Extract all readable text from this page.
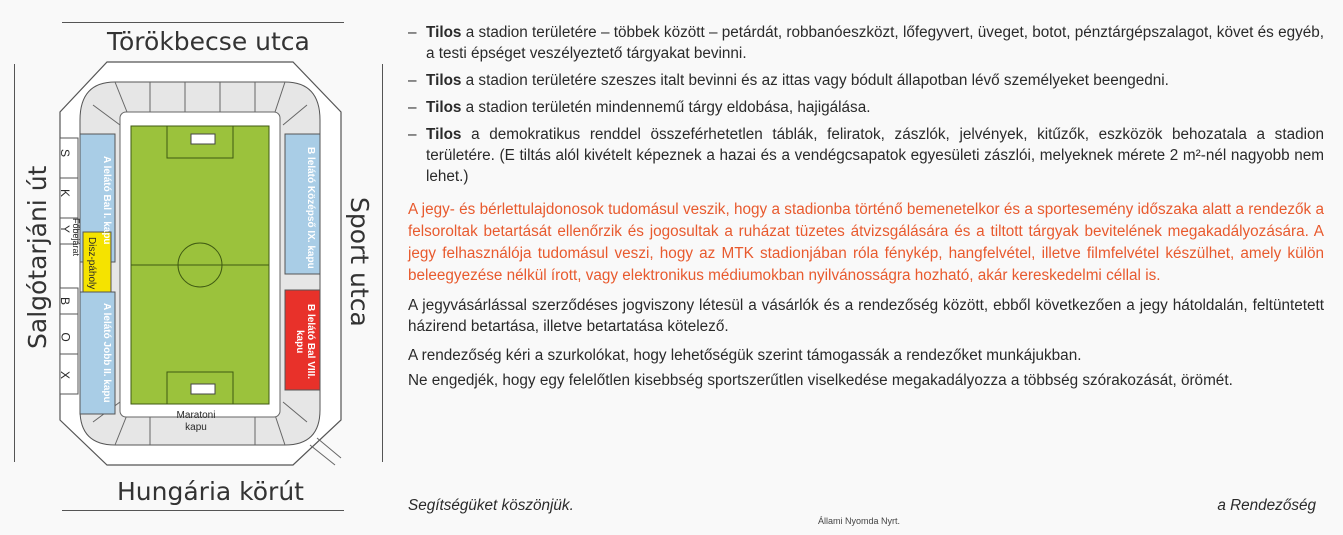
Törökbecse utca
Hungária körút
Salgótarjáni út	Sport utca
S
K
Y
B
O
X
Főbejárat Disz-páholy
A lelátó Bal I. kapu
A lelátó Jobb II. kapu
B lelátó Középső IX. kapu
B lelátó Bal VIII. kapu
Maratoni kapu
– Tilos a stadion területére – többek között – petárdát, robbanóeszközt, lőfegyvert, üveget, botot, pénztárgépszalagot, követ és egyéb, a testi épséget veszélyeztető tárgyakat bevinni.

– Tilos a stadion területére szeszes italt bevinni és az ittas vagy bódult állapotban lévő személyeket beengedni.

– Tilos a stadion területén mindennemű tárgy eldobása, hajigálása.

– Tilos a demokratikus renddel összeférhetetlen táblák, feliratok, zászlók, jelvények, kitűzők, eszközök behozatala a stadion területére. (E tiltás alól kivételt képeznek a hazai és a vendégcsapatok egyesületi zászlói, melyeknek mérete 2 m²-nél nagyobb nem lehet.)

A jegy- és bérlettulajdonosok tudomásul veszik, hogy a stadionba történő bemenetelkor és a sportesemény időszaka alatt a rendezők a felsoroltak betartását ellenőrzik és jogosultak a ruházat tüzetes átvizsgálására és a tiltott tárgyak bevitelének megakadályozására. A jegy felhasználója tudomásul veszi, hogy az MTK stadionjában róla fénykép, hangfelvétel, illetve filmfelvétel készülhet, amely külön beleegyezése nélkül írott, vagy elektronikus médiumokban nyilvánosságra hozható, akár kereskedelmi céllal is.

A jegyvásárlással szerződéses jogviszony létesül a vásárlók és a rendezőség között, ebből következően a jegy hátoldalán, feltüntetett házirend betartása, illetve betartatása kötelező.

A rendezőség kéri a szurkolókat, hogy lehetőségük szerint támogassák a rendezőket munkájukban.

Ne engedjék, hogy egy felelőtlen kisebbség sportszerűtlen viselkedése megakadályozza a többség szórakozását, örömét.

Segítségüket köszönjük.	a Rendezőség
Állami Nyomda Nyrt.
